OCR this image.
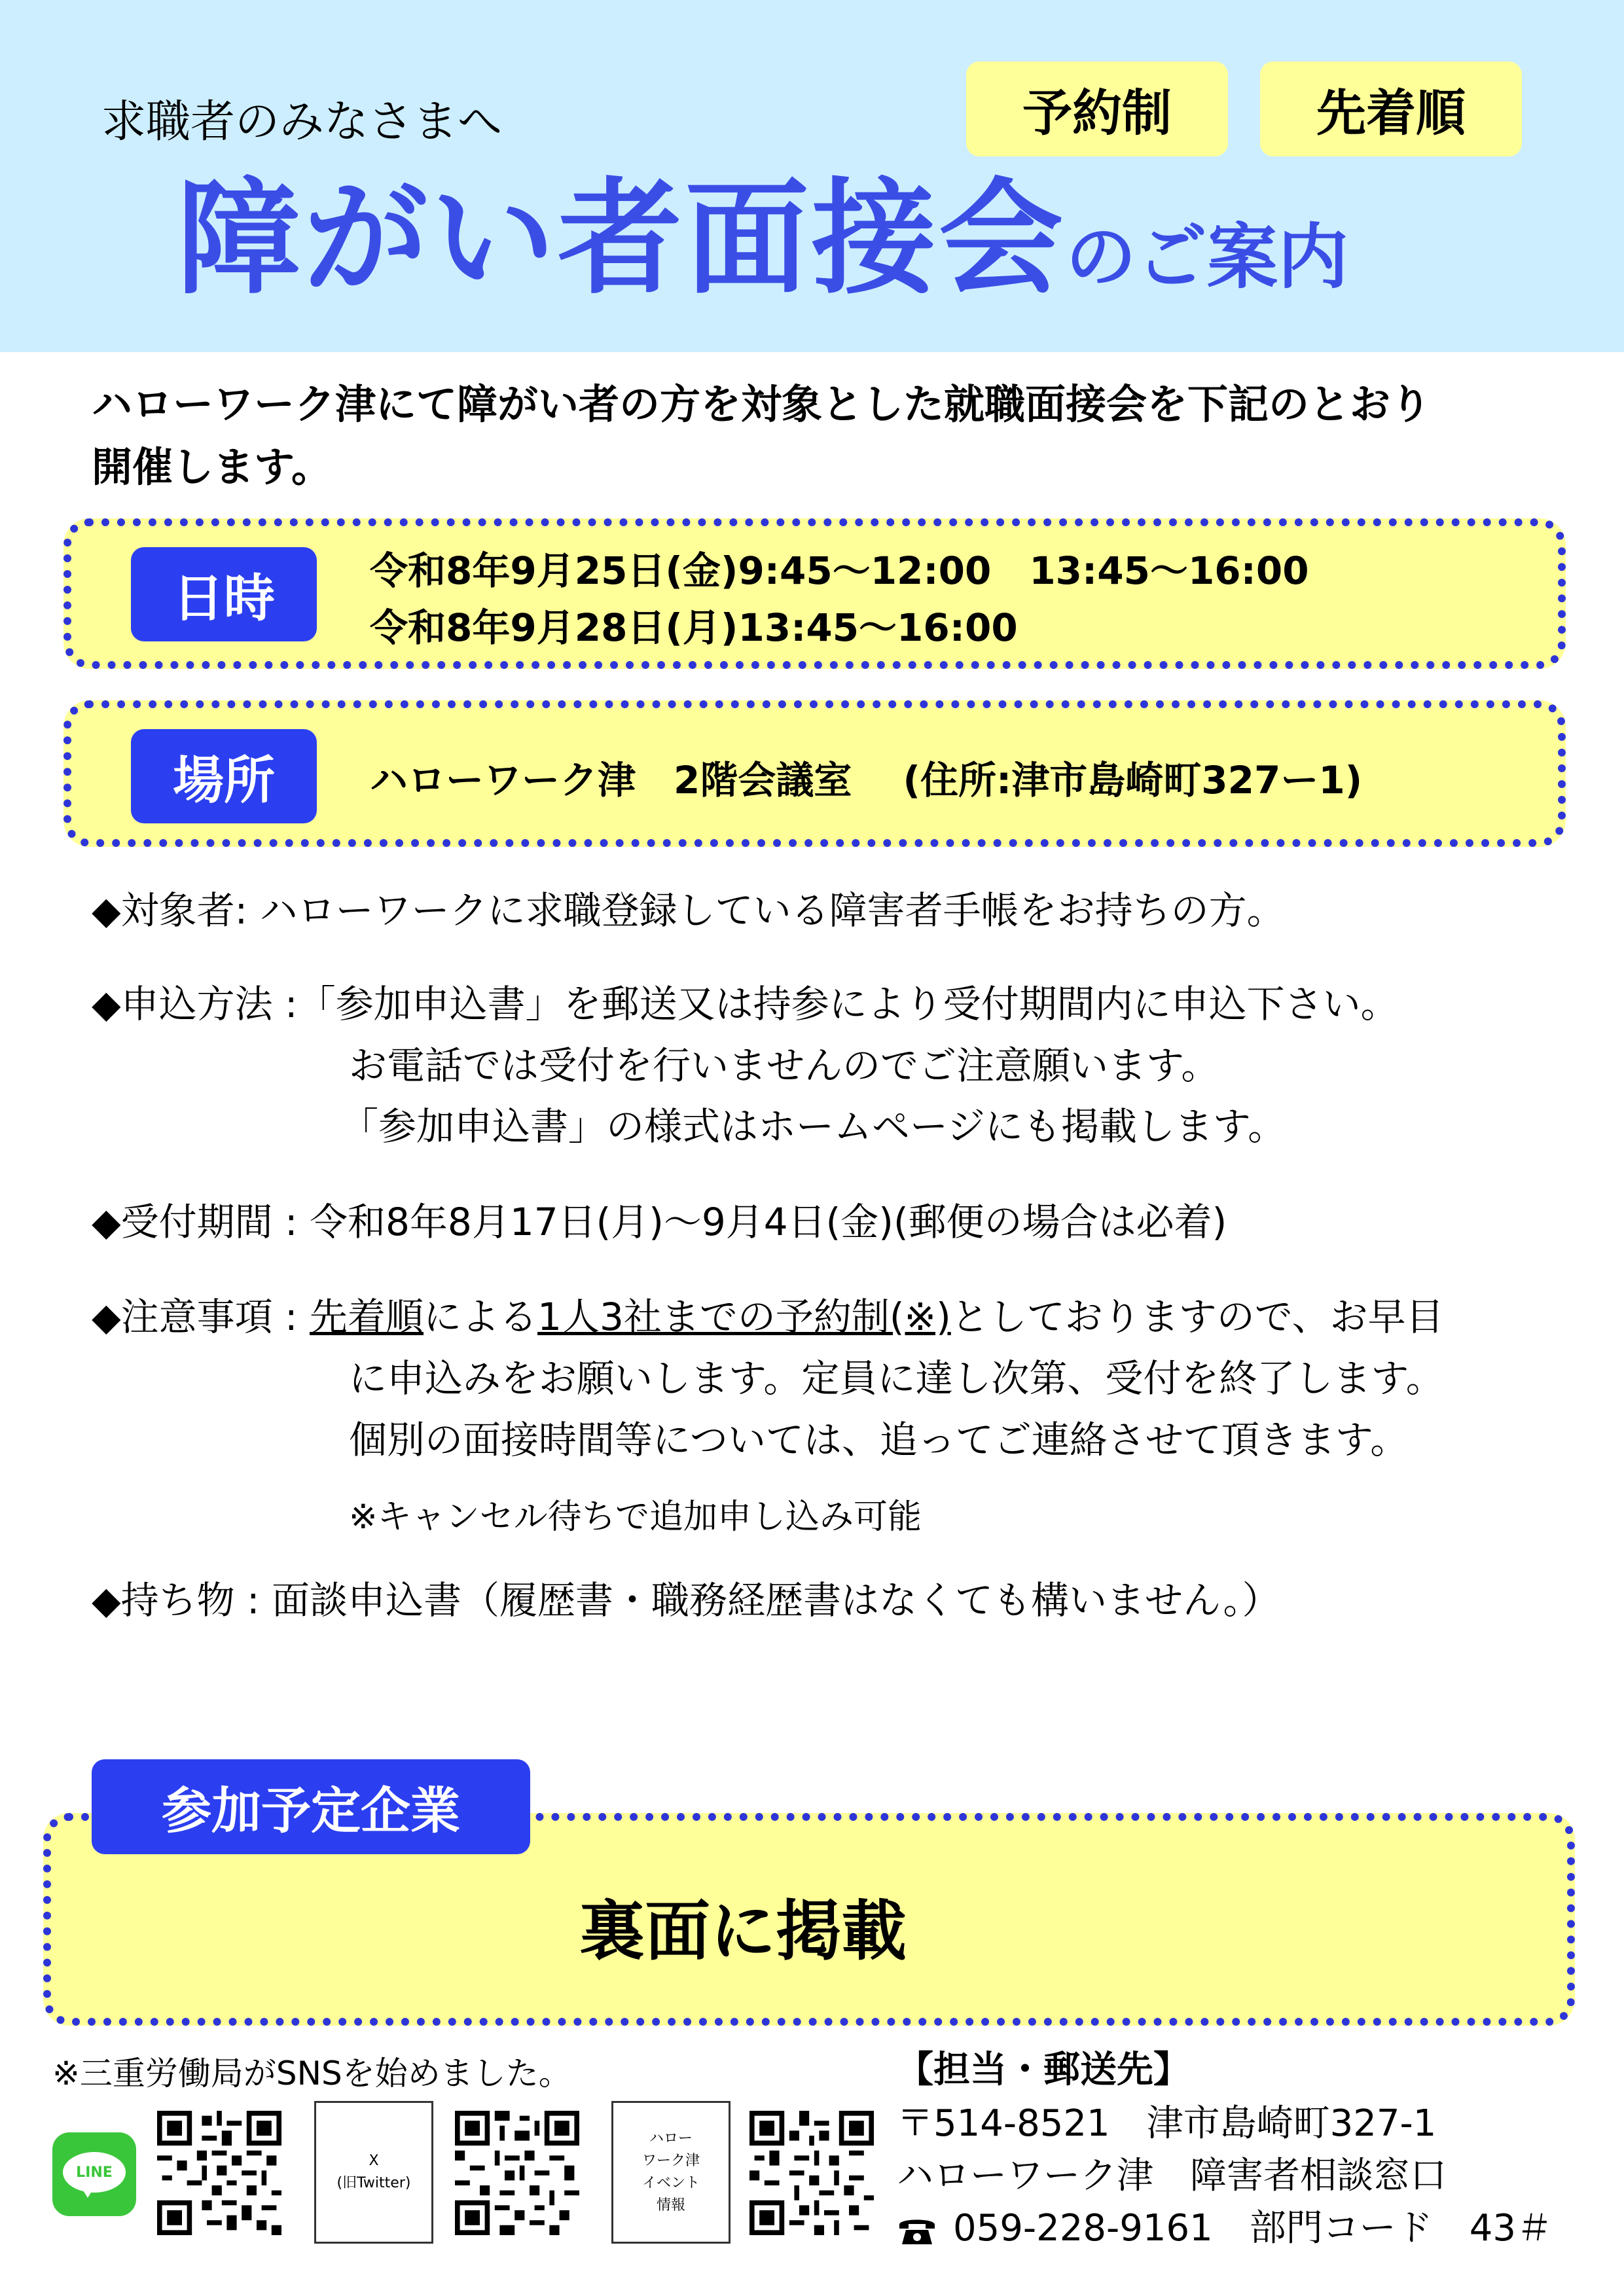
求職者のみなさまへ	予約制	先着順
障がい者面接会のご案内
ハローワーク津にて障がい者の方を対象とした就職面接会を下記のとおり
開催します。
日時	令和8年9月25日(金)9:45〜12:00　13:45〜16:00
令和8年9月28日(月)13:45〜16:00
場所	ハローワーク津　2階会議室　 (住所:津市島崎町327ー1)
◆対象者: ハローワークに求職登録している障害者手帳をお持ちの方。
◆申込方法 :「参加申込書」を郵送又は持参により受付期間内に申込下さい。
お電話では受付を行いませんのでご注意願います。
「参加申込書」の様式はホームページにも掲載します。
◆受付期間 : 令和8年8月17日(月)〜9月4日(金)(郵便の場合は必着)
◆注意事項 : 先着順による1人3社までの予約制(※)としておりますので、お早目
に申込みをお願いします。定員に達し次第、受付を終了します。
個別の面接時間等については、追ってご連絡させて頂きます。
※キャンセル待ちで追加申し込み可能
◆持ち物 : 面談申込書（履歴書・職務経歴書はなくても構いません。）
参加予定企業
裏面に掲載
※三重労働局がSNSを始めました。
LINE
X
(旧Twitter)
ハロー
ワーク津
イベント
情報
【担当・郵送先】
〒514-8521　津市島崎町327-1
ハローワーク津　障害者相談窓口
059-228-9161　部門コード　43＃
